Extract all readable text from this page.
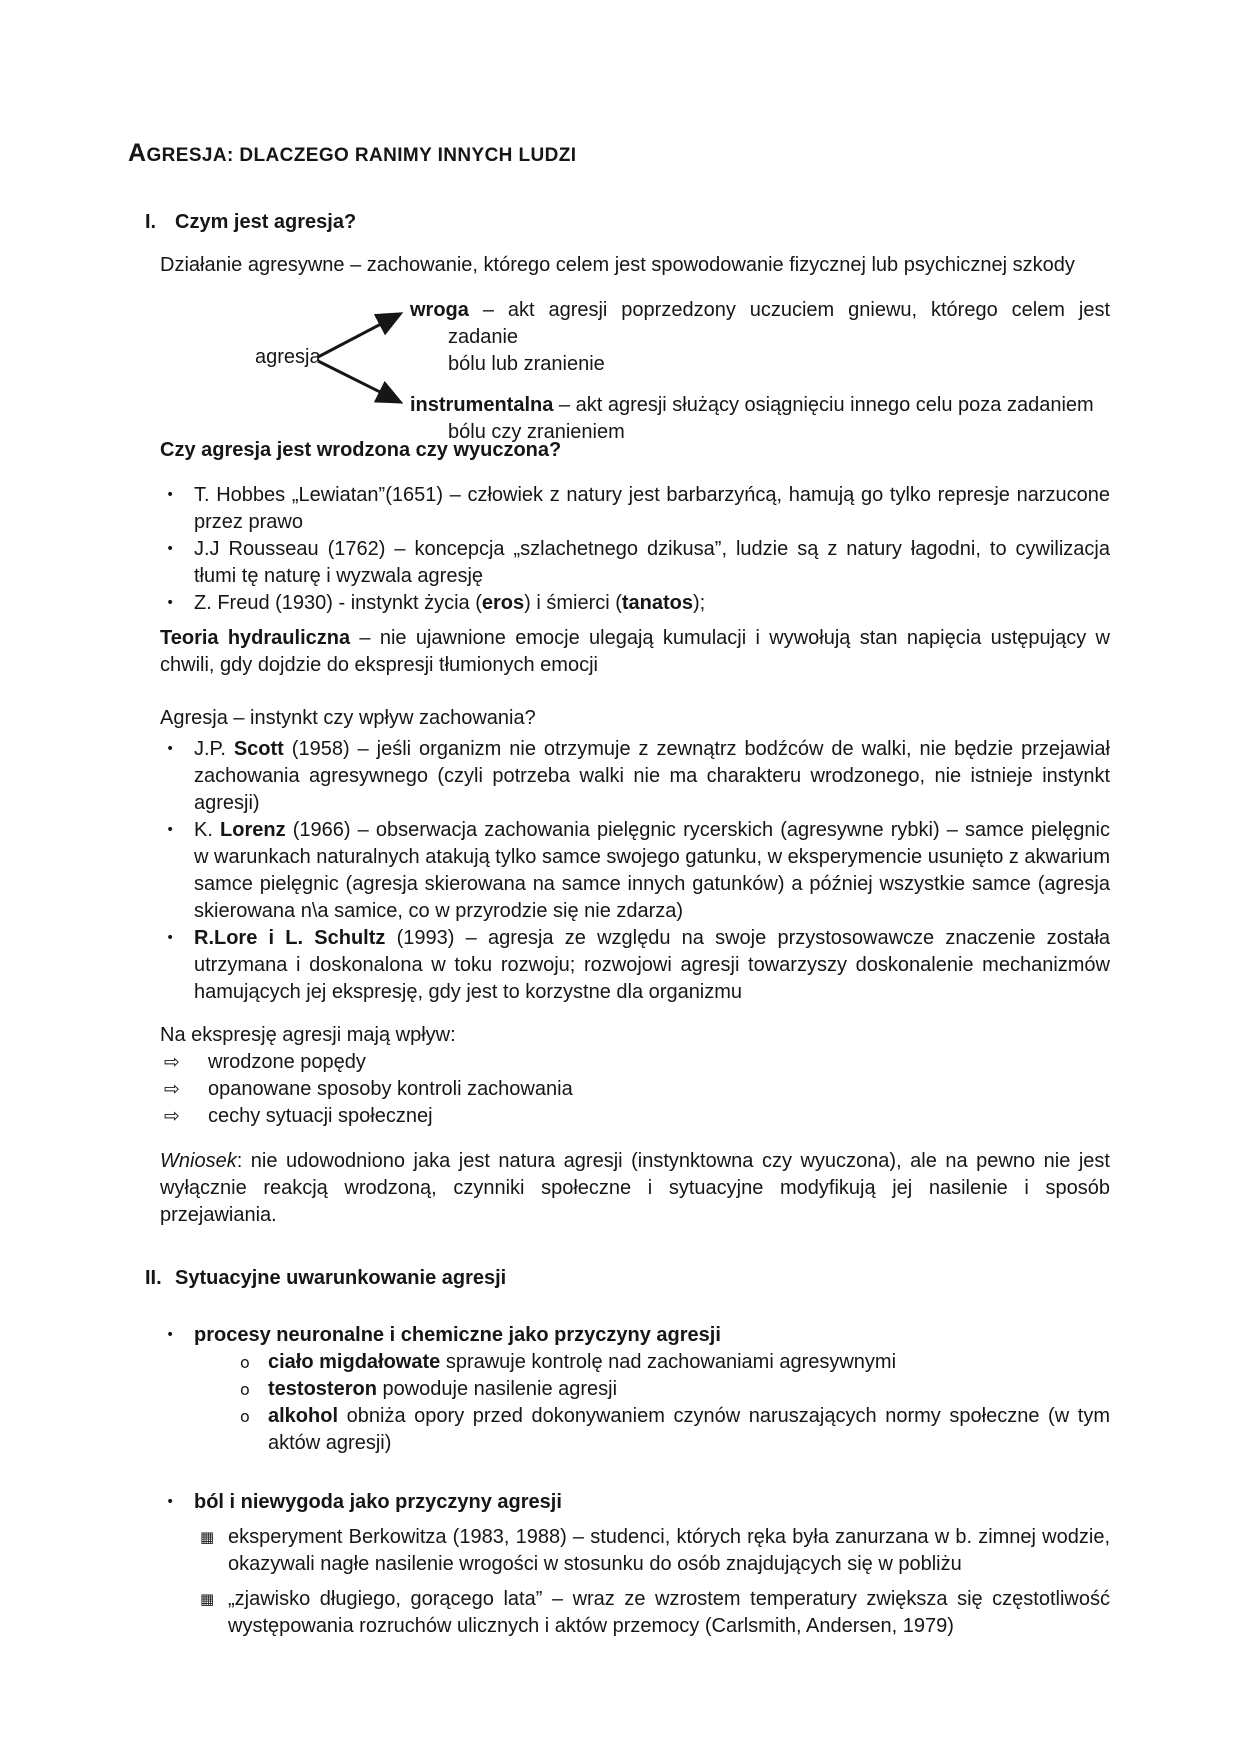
AGRESJA: DLACZEGO RANIMY INNYCH LUDZI
I. Czym jest agresja?

Działanie agresywne – zachowanie, którego celem jest spowodowanie fizycznej lub psychicznej szkody

agresja

wroga – akt agresji poprzedzony uczuciem gniewu, którego celem jest zadanie
bólu lub zranienie

instrumentalna – akt agresji służący osiągnięciu innego celu poza zadaniem
bólu czy zranieniem

Czy agresja jest wrodzona czy wyuczona?

• T. Hobbes „Lewiatan”(1651) – człowiek z natury jest barbarzyńcą, hamują go tylko represje narzucone przez prawo
• J.J Rousseau (1762) – koncepcja „szlachetnego dzikusa”, ludzie są z natury łagodni, to cywilizacja tłumi tę naturę i wyzwala agresję
• Z. Freud (1930) - instynkt życia (eros) i śmierci (tanatos);

Teoria hydrauliczna – nie ujawnione emocje ulegają kumulacji i wywołują stan napięcia ustępujący w chwili, gdy dojdzie do ekspresji tłumionych emocji

Agresja – instynkt czy wpływ zachowania?

• J.P. Scott (1958) – jeśli organizm nie otrzymuje z zewnątrz bodźców de walki, nie będzie przejawiał zachowania agresywnego (czyli potrzeba walki nie ma charakteru wrodzonego, nie istnieje instynkt agresji)
• K. Lorenz (1966) – obserwacja zachowania pielęgnic rycerskich (agresywne rybki) – samce pielęgnic w warunkach naturalnych atakują tylko samce swojego gatunku, w eksperymencie usunięto z akwarium samce pielęgnic (agresja skierowana na samce innych gatunków) a później wszystkie samce (agresja skierowana n\a samice, co w przyrodzie się nie zdarza)
• R.Lore i L. Schultz (1993) – agresja ze względu na swoje przystosowawcze znaczenie została utrzymana i doskonalona w toku rozwoju; rozwojowi agresji towarzyszy doskonalenie mechanizmów hamujących jej ekspresję, gdy jest to korzystne dla organizmu

Na ekspresję agresji mają wpływ:

⇨	wrodzone popędy
⇨	opanowane sposoby kontroli zachowania
⇨	cechy sytuacji społecznej

Wniosek: nie udowodniono jaka jest natura agresji (instynktowna czy wyuczona), ale na pewno nie jest wyłącznie reakcją wrodzoną, czynniki społeczne i sytuacyjne modyfikują jej nasilenie i sposób przejawiania.

II. Sytuacyjne uwarunkowanie agresji
• procesy neuronalne i chemiczne jako przyczyny agresji
o ciało migdałowate sprawuje kontrolę nad zachowaniami agresywnymi
o testosteron powoduje nasilenie agresji
o alkohol obniża opory przed dokonywaniem czynów naruszających normy społeczne (w tym aktów agresji)
• ból i niewygoda jako przyczyny agresji
▦ eksperyment Berkowitza (1983, 1988) – studenci, których ręka była zanurzana w b. zimnej wodzie, okazywali nagłe nasilenie wrogości w stosunku do osób znajdujących się w pobliżu
▦ „zjawisko długiego, gorącego lata” – wraz ze wzrostem temperatury zwiększa się częstotliwość występowania rozruchów ulicznych i aktów przemocy (Carlsmith, Andersen, 1979)
